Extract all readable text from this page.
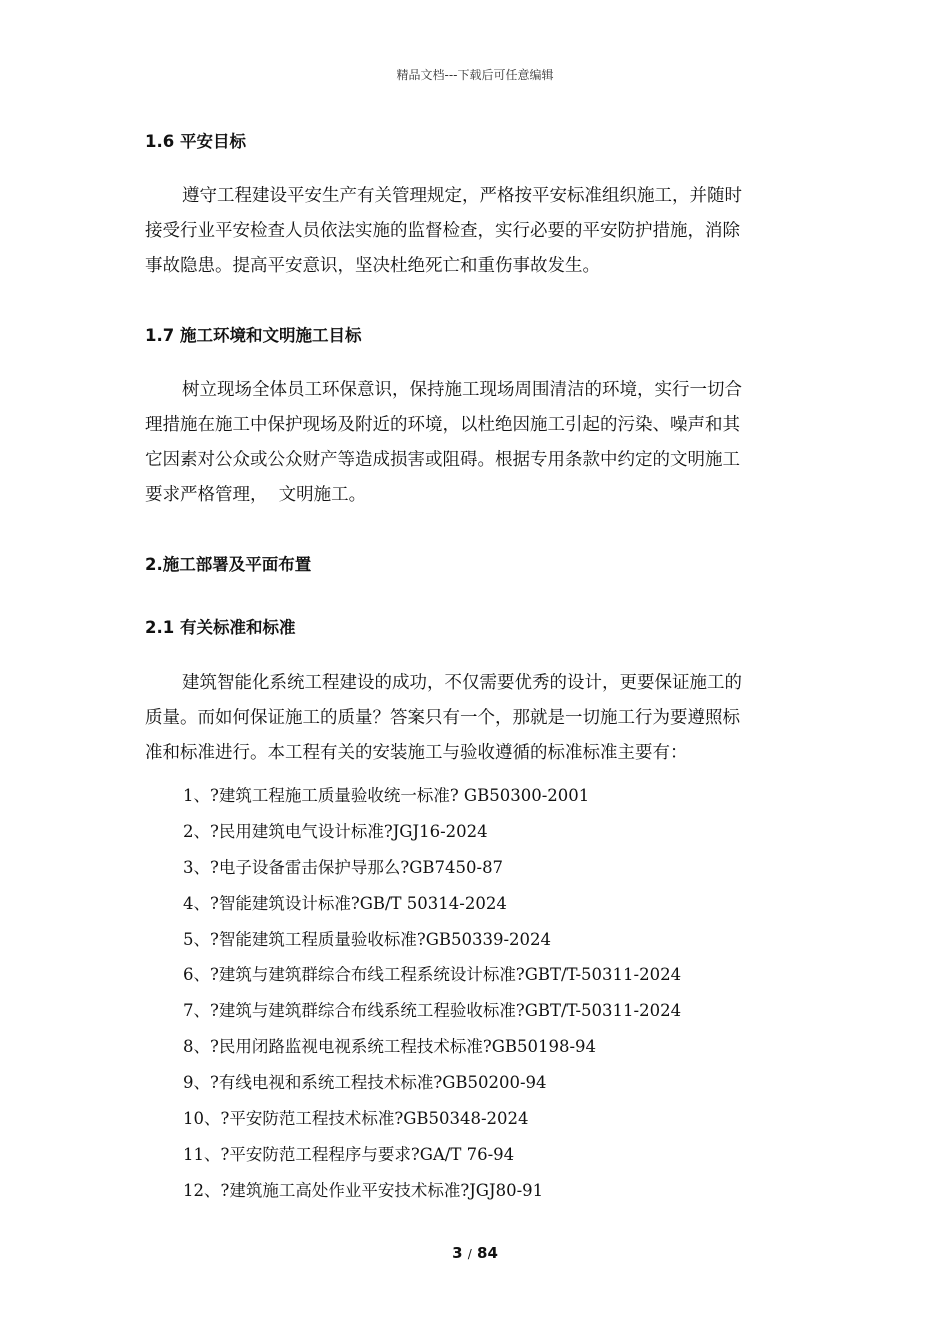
精品文档---下载后可任意编辑
1.6 平安目标
遵守工程建设平安生产有关管理规定，严格按平安标准组织施工，并随时
接受行业平安检查人员依法实施的监督检查，实行必要的平安防护措施，消除
事故隐患。提高平安意识，坚决杜绝死亡和重伤事故发生。
1.7 施工环境和文明施工目标
树立现场全体员工环保意识，保持施工现场周围清洁的环境，实行一切合
理措施在施工中保护现场及附近的环境，以杜绝因施工引起的污染、噪声和其
它因素对公众或公众财产等造成损害或阻碍。根据专用条款中约定的文明施工
要求严格管理，  文明施工。
2.施工部署及平面布置
2.1 有关标准和标准
建筑智能化系统工程建设的成功，不仅需要优秀的设计，更要保证施工的
质量。而如何保证施工的质量？答案只有一个，那就是一切施工行为要遵照标
准和标准进行。本工程有关的安装施工与验收遵循的标准标准主要有：
1、?建筑工程施工质量验收统一标准? GB50300-2001
2、?民用建筑电气设计标准?JGJ16-2024
3、?电子设备雷击保护导那么?GB7450-87
4、?智能建筑设计标准?GB/T 50314-2024
5、?智能建筑工程质量验收标准?GB50339-2024
6、?建筑与建筑群综合布线工程系统设计标准?GBT/T-50311-2024
7、?建筑与建筑群综合布线系统工程验收标准?GBT/T-50311-2024
8、?民用闭路监视电视系统工程技术标准?GB50198-94
9、?有线电视和系统工程技术标准?GB50200-94
10、?平安防范工程技术标准?GB50348-2024
11、?平安防范工程程序与要求?GA/T 76-94
12、?建筑施工高处作业平安技术标准?JGJ80-91
3 / 84
